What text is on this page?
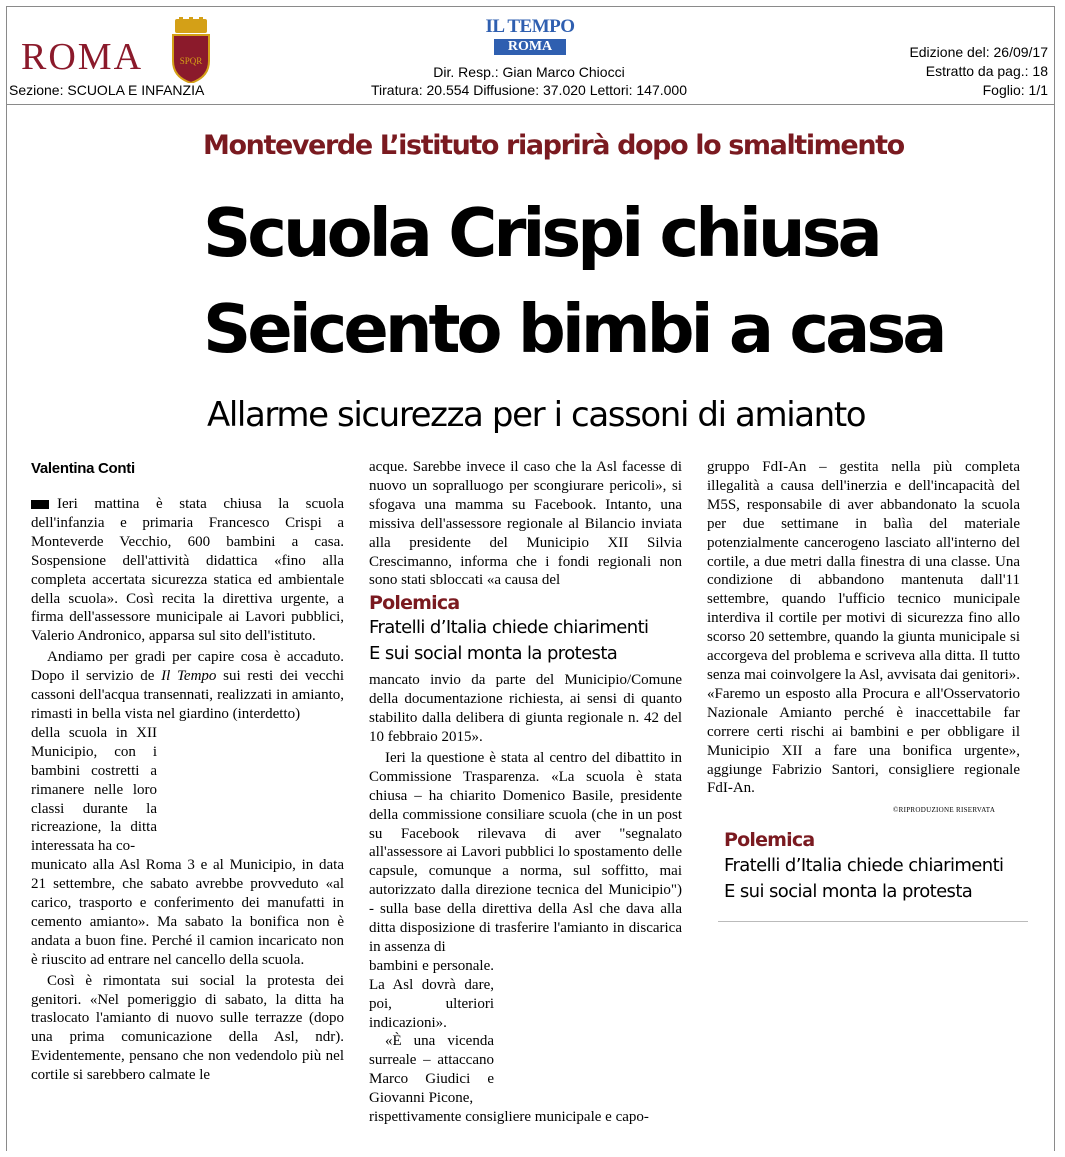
ROMA	SPQR
Sezione: SCUOLA E INFANZIA
IL TEMPO
ROMA
Dir. Resp.: Gian Marco Chiocci
Tiratura: 20.554 Diffusione: 37.020 Lettori: 147.000
Edizione del: 26/09/17
Estratto da pag.: 18
Foglio: 1/1
Monteverde L’istituto riaprirà dopo lo smaltimento
Scuola Crispi chiusa
Seicento bimbi a casa
Allarme sicurezza per i cassoni di amianto
Valentina Conti

Ieri mattina è stata chiusa la scuola dell'infanzia e primaria Francesco Crispi a Monteverde Vecchio, 600 bambini a casa. Sospensione dell'attività didattica «fino alla completa accertata sicurezza statica ed ambientale della scuola». Così recita la direttiva urgente, a firma dell'assessore municipale ai Lavori pubblici, Valerio Andronico, apparsa sul sito dell'istituto.

Andiamo per gradi per capire cosa è accaduto. Dopo il servizio de Il Tempo sui resti dei vecchi cassoni dell'acqua transennati, realizzati in amianto, rimasti in bella vista nel giardino (interdetto)

della scuola in XII Municipio, con i bambini costretti a rimanere nelle loro classi durante la ricreazione, la ditta interessata ha co-

municato alla Asl Roma 3 e al Municipio, in data 21 settembre, che sabato avrebbe provveduto «al carico, trasporto e conferimento dei manufatti in cemento amianto». Ma sabato la bonifica non è andata a buon fine. Perché il camion incaricato non è riuscito ad entrare nel cancello della scuola.

Così è rimontata sui social la protesta dei genitori. «Nel pomeriggio di sabato, la ditta ha traslocato l'amianto di nuovo sulle terrazze (dopo una prima comunicazione della Asl, ndr). Evidentemente, pensano che non vedendolo più nel cortile si sarebbero calmate le

acque. Sarebbe invece il caso che la Asl facesse di nuovo un sopralluogo per scongiurare pericoli», si sfogava una mamma su Facebook. Intanto, una missiva dell'assessore regionale al Bilancio inviata alla presidente del Municipio XII Silvia Crescimanno, informa che i fondi regionali non sono stati sbloccati «a causa del

Polemica
Fratelli d’Italia chiede chiarimenti
E sui social monta la protesta

mancato invio da parte del Municipio/Comune della documentazione richiesta, ai sensi di quanto stabilito dalla delibera di giunta regionale n. 42 del 10 febbraio 2015».

Ieri la questione è stata al centro del dibattito in Commissione Trasparenza. «La scuola è stata chiusa – ha chiarito Domenico Basile, presidente della commissione consiliare scuola (che in un post su Facebook rilevava di aver "segnalato all'assessore ai Lavori pubblici lo spostamento delle capsule, comunque a norma, sul soffitto, mai autorizzato dalla direzione tecnica del Municipio") - sulla base della direttiva della Asl che dava alla ditta disposizione di trasferire l'amianto in discarica in assenza di

bambini e personale. La Asl dovrà dare, poi, ulteriori indicazioni».

«È una vicenda surreale – attaccano Marco Giudici e Giovanni Picone,

rispettivamente consigliere municipale e capo-

gruppo FdI-An – gestita nella più completa illegalità a causa dell'inerzia e dell'incapacità del M5S, responsabile di aver abbandonato la scuola per due settimane in balìa del materiale potenzialmente cancerogeno lasciato all'interno del cortile, a due metri dalla finestra di una classe. Una condizione di abbandono mantenuta dall'11 settembre, quando l'ufficio tecnico municipale interdiva il cortile per motivi di sicurezza fino allo scorso 20 settembre, quando la giunta municipale si accorgeva del problema e scriveva alla ditta. Il tutto senza mai coinvolgere la Asl, avvisata dai genitori». «Faremo un esposto alla Procura e all'Osservatorio Nazionale Amianto perché è inaccettabile far correre certi rischi ai bambini e per obbligare il Municipio XII a fare una bonifica urgente», aggiunge Fabrizio Santori, consigliere regionale FdI-An.

©RIPRODUZIONE RISERVATA
Polemica
Fratelli d’Italia chiede chiarimenti
E sui social monta la protesta
